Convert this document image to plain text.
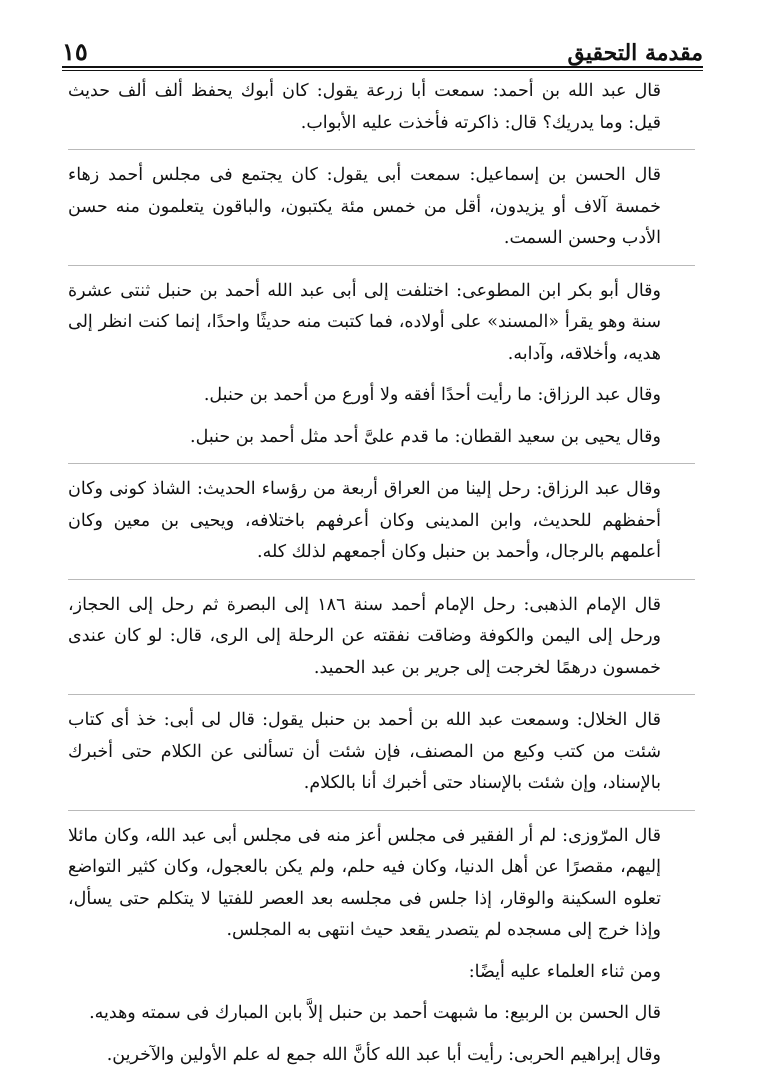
مقدمة التحقيق
١٥

قال عبد الله بن أحمد: سمعت أبا زرعة يقول: كان أبوك يحفظ ألف ألف حديث قيل: وما يدريك؟ قال: ذاكرته فأخذت عليه الأبواب.

قال الحسن بن إسماعيل: سمعت أبى يقول: كان يجتمع فى مجلس أحمد زهاء خمسة آلاف أو يزيدون، أقل من خمس مئة يكتبون، والباقون يتعلمون منه حسن الأدب وحسن السمت.

وقال أبو بكر ابن المطوعى: اختلفت إلى أبى عبد الله أحمد بن حنبل ثنتى عشرة سنة وهو يقرأ «المسند» على أولاده، فما كتبت منه حديثًا واحدًا، إنما كنت انظر إلى هديه، وأخلاقه، وآدابه.

وقال عبد الرزاق: ما رأيت أحدًا أفقه ولا أورع من أحمد بن حنبل.

وقال يحيى بن سعيد القطان: ما قدم علىَّ أحد مثل أحمد بن حنبل.

وقال عبد الرزاق: رحل إلينا من العراق أربعة من رؤساء الحديث: الشاذ كونى وكان أحفظهم للحديث، وابن المدينى وكان أعرفهم باختلافه، ويحيى بن معين وكان أعلمهم بالرجال، وأحمد بن حنبل وكان أجمعهم لذلك كله.

قال الإمام الذهبى: رحل الإمام أحمد سنة ١٨٦ إلى البصرة ثم رحل إلى الحجاز، ورحل إلى اليمن والكوفة وضاقت نفقته عن الرحلة إلى الرى، قال: لو كان عندى خمسون درهمًا لخرجت إلى جرير بن عبد الحميد.

قال الخلال: وسمعت عبد الله بن أحمد بن حنبل يقول: قال لى أبى: خذ أى كتاب شئت من كتب وكيع من المصنف، فإن شئت أن تسألنى عن الكلام حتى أخبرك بالإسناد، وإن شئت بالإسناد حتى أخبرك أنا بالكلام.

قال المرّوزى: لم أر الفقير فى مجلس أعز منه فى مجلس أبى عبد الله، وكان مائلا إليهم، مقصرًا عن أهل الدنيا، وكان فيه حلم، ولم يكن بالعجول، وكان كثير التواضع تعلوه السكينة والوقار، إذا جلس فى مجلسه بعد العصر للفتيا لا يتكلم حتى يسأل، وإذا خرج إلى مسجده لم يتصدر يقعد حيث انتهى به المجلس.

ومن ثناء العلماء عليه أيضًا:

قال الحسن بن الربيع: ما شبهت أحمد بن حنبل إلاَّ بابن المبارك فى سمته وهديه.

وقال إبراهيم الحربى: رأيت أبا عبد الله كأنَّ الله جمع له علم الأولين والآخرين.
